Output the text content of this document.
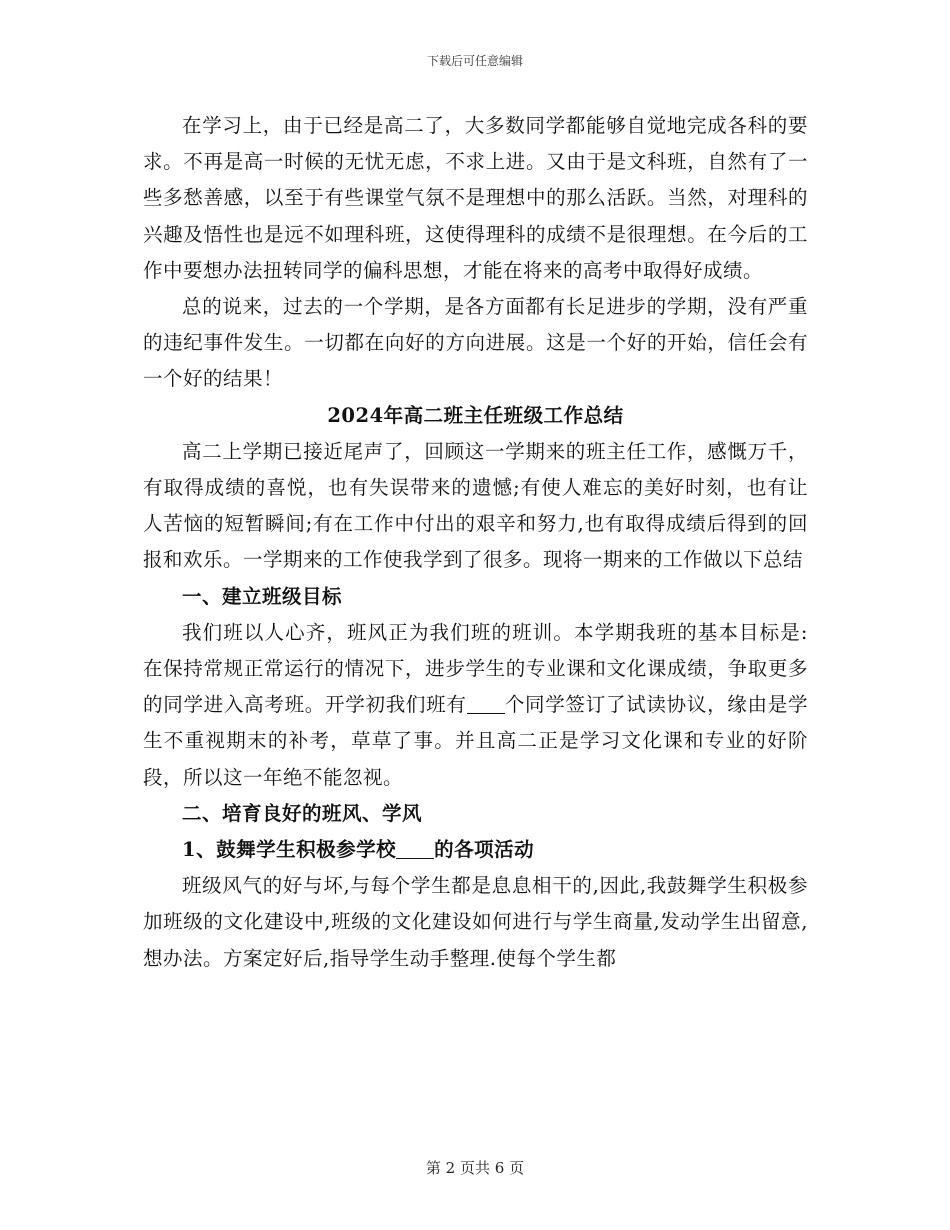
下载后可任意编辑

在学习上，由于已经是高二了，大多数同学都能够自觉地完成各科的要求。不再是高一时候的无忧无虑，不求上进。又由于是文科班，自然有了一些多愁善感，以至于有些课堂气氛不是理想中的那么活跃。当然，对理科的兴趣及悟性也是远不如理科班，这使得理科的成绩不是很理想。在今后的工作中要想办法扭转同学的偏科思想，才能在将来的高考中取得好成绩。

总的说来，过去的一个学期，是各方面都有长足进步的学期，没有严重的违纪事件发生。一切都在向好的方向进展。这是一个好的开始，信任会有一个好的结果！

2024年高二班主任班级工作总结

高二上学期已接近尾声了，回顾这一学期来的班主任工作，感慨万千，有取得成绩的喜悦，也有失误带来的遗憾;有使人难忘的美好时刻，也有让人苦恼的短暂瞬间;有在工作中付出的艰辛和努力,也有取得成绩后得到的回报和欢乐。一学期来的工作使我学到了很多。现将一期来的工作做以下总结

一、建立班级目标

我们班以人心齐，班风正为我们班的班训。本学期我班的基本目标是:在保持常规正常运行的情况下，进步学生的专业课和文化课成绩，争取更多的同学进入高考班。开学初我们班有 个同学签订了试读协议，缘由是学生不重视期末的补考，草草了事。并且高二正是学习文化课和专业的好阶段，所以这一年绝不能忽视。

二、培育良好的班风、学风

1、鼓舞学生积极参学校 的各项活动

班级风气的好与坏,与每个学生都是息息相干的,因此,我鼓舞学生积极参加班级的文化建设中,班级的文化建设如何进行与学生商量,发动学生出留意,想办法。方案定好后,指导学生动手整理.使每个学生都

第 2 页共 6 页
